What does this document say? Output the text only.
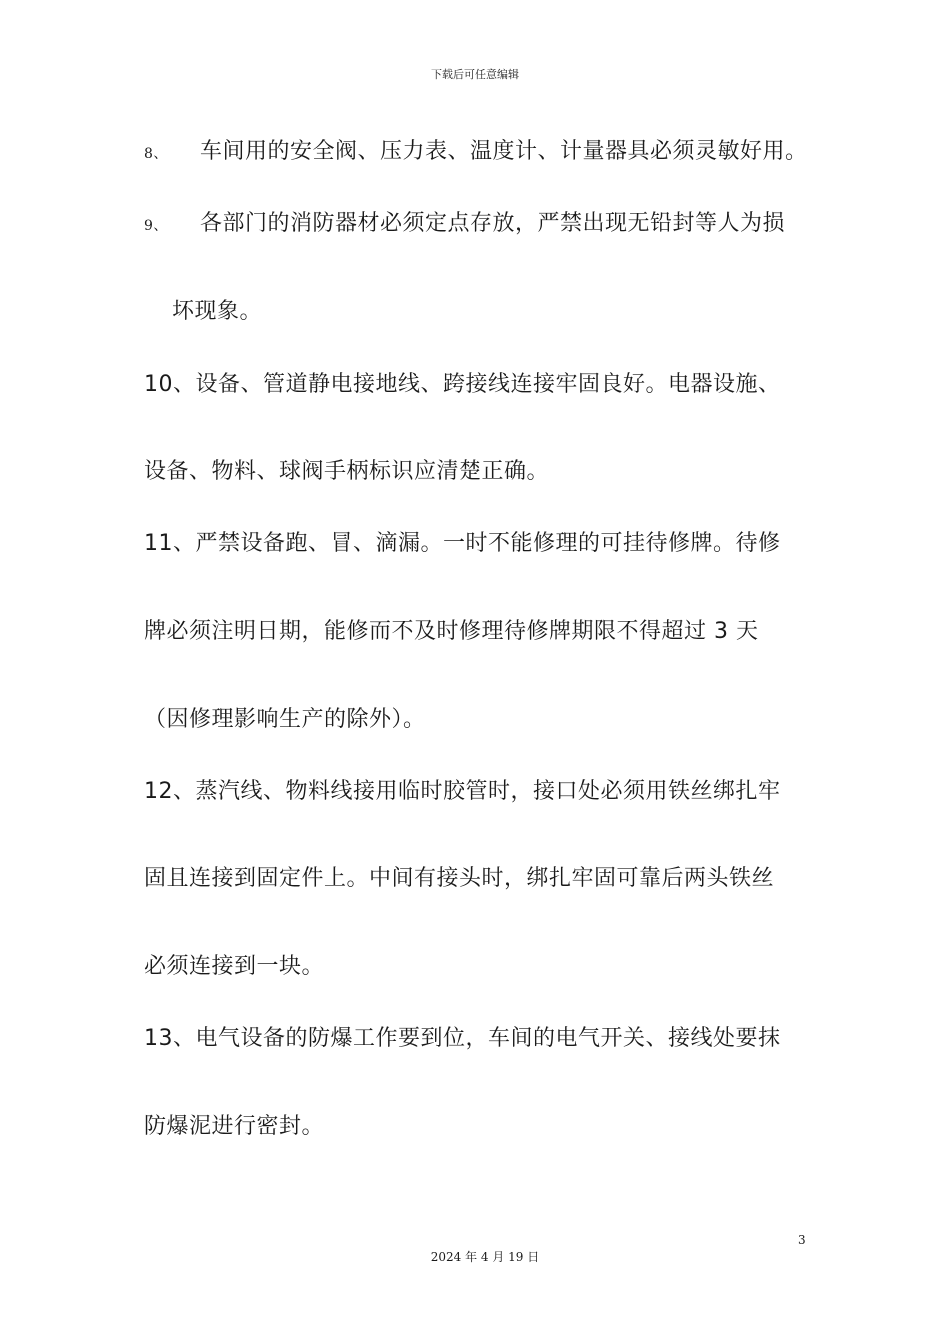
下载后可任意编辑
8、 车间用的安全阀、压力表、温度计、计量器具必须灵敏好用。
9、 各部门的消防器材必须定点存放，严禁出现无铅封等人为损
坏现象。
10、设备、管道静电接地线、跨接线连接牢固良好。电器设施、
设备、物料、球阀手柄标识应清楚正确。
11、严禁设备跑、冒、滴漏。一时不能修理的可挂待修牌。待修
牌必须注明日期，能修而不及时修理待修牌期限不得超过 3 天
（因修理影响生产的除外）。
12、蒸汽线、物料线接用临时胶管时，接口处必须用铁丝绑扎牢
固且连接到固定件上。中间有接头时，绑扎牢固可靠后两头铁丝
必须连接到一块。
13、电气设备的防爆工作要到位，车间的电气开关、接线处要抹
防爆泥进行密封。
3
2024 年 4 月 19 日
